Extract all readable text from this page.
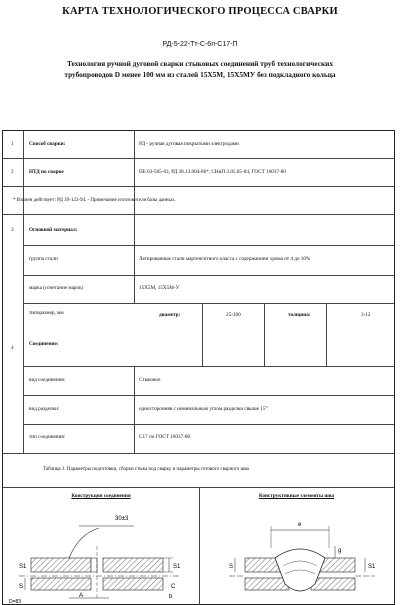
КАРТА ТЕХНОЛОГИЧЕСКОГО ПРОЦЕССА СВАРКИ
РД-5-22-Тт-С-6п-С17-П
Технология ручной дуговой сварки стыковых соединений труб технологических
трубопроводов D менее 100 мм из сталей 15Х5М, 15Х5МУ без подкладного кольца
1	Способ сварки:	РД - ручная дуговая покрытыми электродами
2	НТД по сварке	ПБ 03-585-03, РД 38.13.004-86*, СНиП 3.05.05-84, ГОСТ 16037-80
* Взамен действует: РД 39-122-94. - Примечание изготовителя базы данных.
3	Основной материал:
группа стали	Легированные стали мартенситного класса с содержанием хрома от 4 до 10%
марка (сочетание марок)	15Х5М, 15Х5М-У
типоразмер, мм	диаметр:	25-100	толщина:	3-12
4
Соединение:
вид соединения:	Стыковое
вид разделки:	односторонняя с номинальным углом разделки свыше 15°
тип соединения:	С17 по ГОСТ 16037-80
Таблица 3. Параметры подготовки, сборки стыка под сварку и параметры готового сварного шва
Конструкция соединения	Конструктивные элементы шва
30±3
S
S1
A
C
S1
b
D=83
e
S
g
S1
